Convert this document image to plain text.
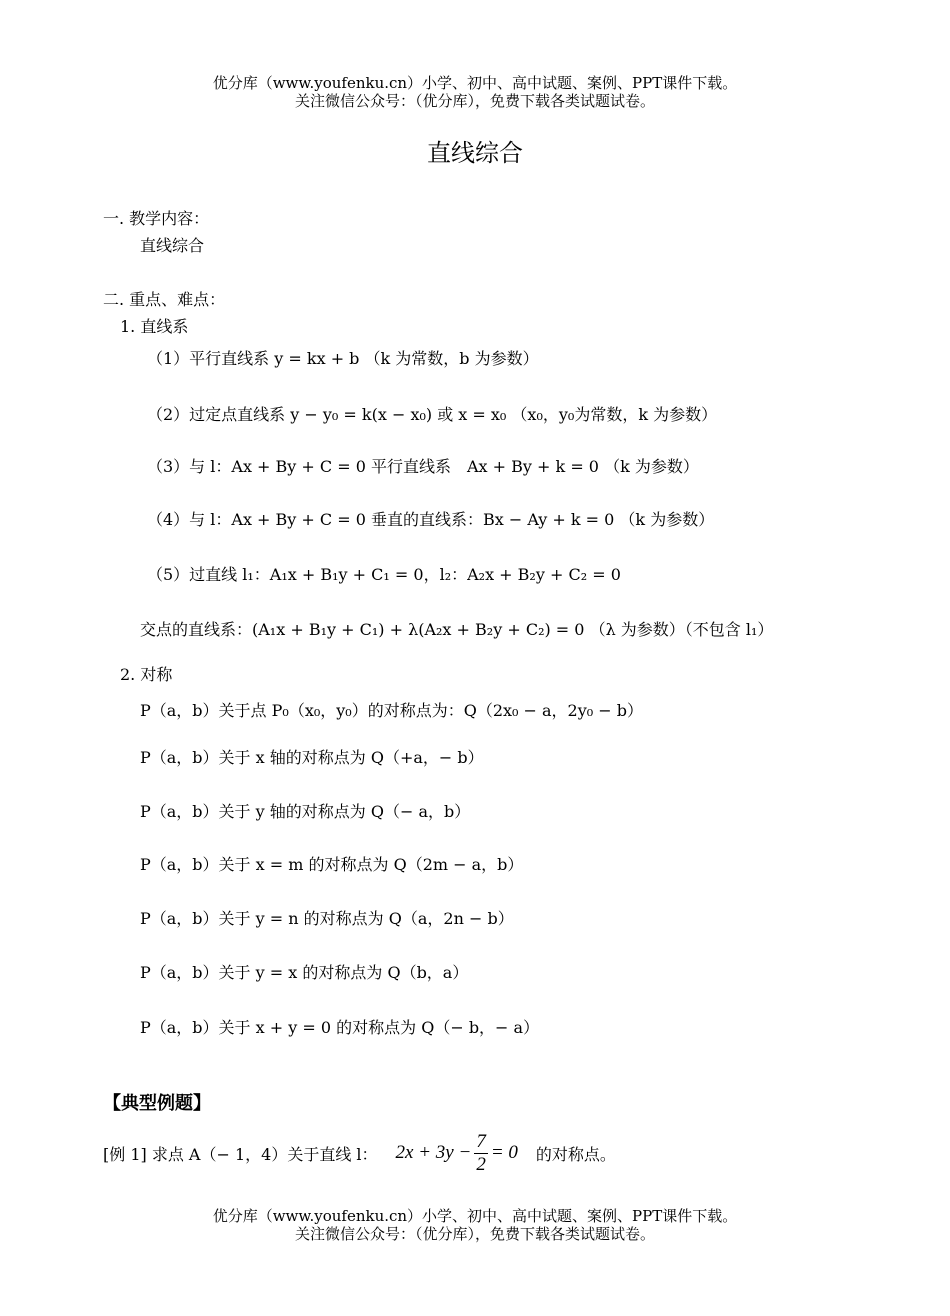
优分库（www.youfenku.cn）小学、初中、高中试题、案例、PPT课件下载。
关注微信公众号：（优分库），免费下载各类试题试卷。
直线综合
一. 教学内容：
直线综合
二. 重点、难点：
1. 直线系
（1）平行直线系 y = kx + b （k 为常数，b 为参数）
（2）过定点直线系 y − y₀ = k(x − x₀) 或 x = x₀ （x₀，y₀为常数，k 为参数）
（3）与 l：Ax + By + C = 0 平行直线系　Ax + By + k = 0 （k 为参数）
（4）与 l：Ax + By + C = 0 垂直的直线系：Bx − Ay + k = 0 （k 为参数）
（5）过直线 l₁：A₁x + B₁y + C₁ = 0，l₂：A₂x + B₂y + C₂ = 0
交点的直线系：(A₁x + B₁y + C₁) + λ(A₂x + B₂y + C₂) = 0 （λ 为参数）（不包含 l₁）
2. 对称
P（a，b）关于点 P₀（x₀，y₀）的对称点为：Q（2x₀ − a，2y₀ − b）
P（a，b）关于 x 轴的对称点为 Q（+a，− b）
P（a，b）关于 y 轴的对称点为 Q（− a，b）
P（a，b）关于 x = m 的对称点为 Q（2m − a，b）
P（a，b）关于 y = n 的对称点为 Q（a，2n − b）
P（a，b）关于 y = x 的对称点为 Q（b，a）
P（a，b）关于 x + y = 0 的对称点为 Q（− b，− a）
【典型例题】
[例 1] 求点 A（− 1，4）关于直线 l： $2x + 3y - \frac{7}{2} = 0$ 的对称点。
优分库（www.youfenku.cn）小学、初中、高中试题、案例、PPT课件下载。
关注微信公众号：（优分库），免费下载各类试题试卷。
